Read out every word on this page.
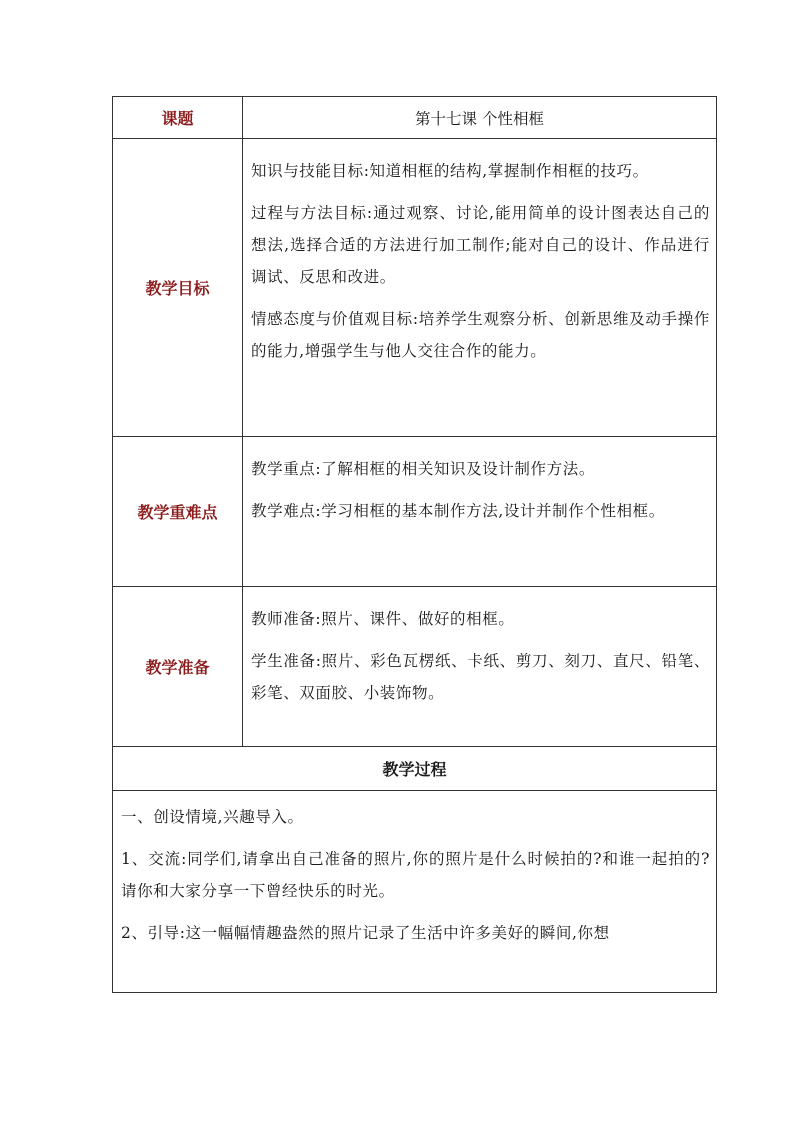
课题	第十七课 个性相框
教学目标	知识与技能目标:知道相框的结构,掌握制作相框的技巧。

过程与方法目标:通过观察、讨论,能用简单的设计图表达自己的想法,选择合适的方法进行加工制作;能对自己的设计、作品进行调试、反思和改进。

情感态度与价值观目标:培养学生观察分析、创新思维及动手操作的能力,增强学生与他人交往合作的能力。

教学重难点	教学重点:了解相框的相关知识及设计制作方法。

教学难点:学习相框的基本制作方法,设计并制作个性相框。

教学准备	教师准备:照片、课件、做好的相框。

学生准备:照片、彩色瓦楞纸、卡纸、剪刀、刻刀、直尺、铅笔、彩笔、双面胶、小装饰物。

教学过程	

一、创设情境,兴趣导入。

1、交流:同学们,请拿出自己准备的照片,你的照片是什么时候拍的?和谁一起拍的?请你和大家分享一下曾经快乐的时光。

2、引导:这一幅幅情趣盎然的照片记录了生活中许多美好的瞬间,你想	
